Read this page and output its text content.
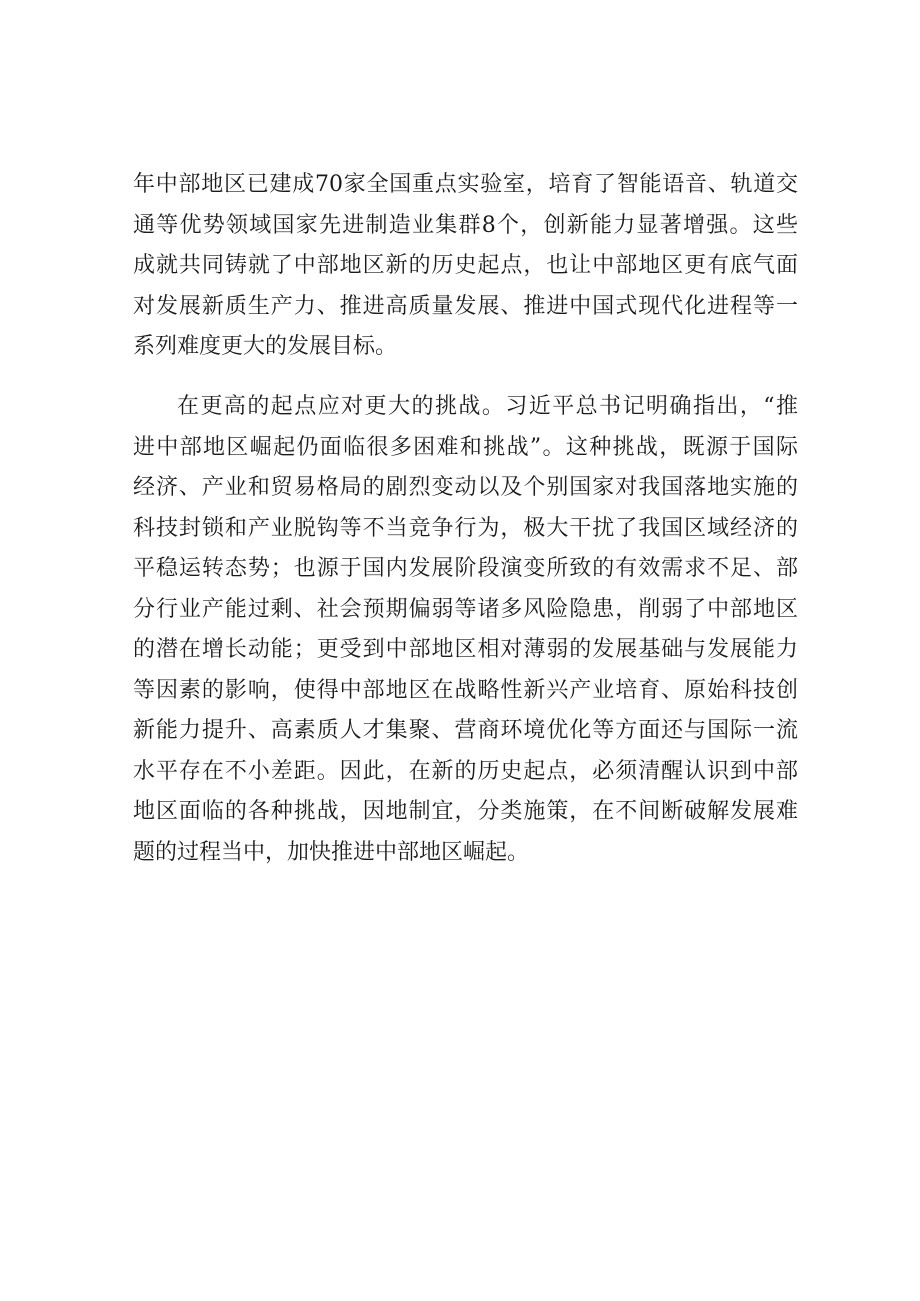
年中部地区已建成70家全国重点实验室，培育了智能语音、轨道交
通等优势领域国家先进制造业集群8个，创新能力显著增强。这些
成就共同铸就了中部地区新的历史起点，也让中部地区更有底气面
对发展新质生产力、推进高质量发展、推进中国式现代化进程等一
系列难度更大的发展目标。
在更高的起点应对更大的挑战。习近平总书记明确指出，“推
进中部地区崛起仍面临很多困难和挑战”。这种挑战，既源于国际
经济、产业和贸易格局的剧烈变动以及个别国家对我国落地实施的
科技封锁和产业脱钩等不当竞争行为，极大干扰了我国区域经济的
平稳运转态势；也源于国内发展阶段演变所致的有效需求不足、部
分行业产能过剩、社会预期偏弱等诸多风险隐患，削弱了中部地区
的潜在增长动能；更受到中部地区相对薄弱的发展基础与发展能力
等因素的影响，使得中部地区在战略性新兴产业培育、原始科技创
新能力提升、高素质人才集聚、营商环境优化等方面还与国际一流
水平存在不小差距。因此，在新的历史起点，必须清醒认识到中部
地区面临的各种挑战，因地制宜，分类施策，在不间断破解发展难
题的过程当中，加快推进中部地区崛起。
